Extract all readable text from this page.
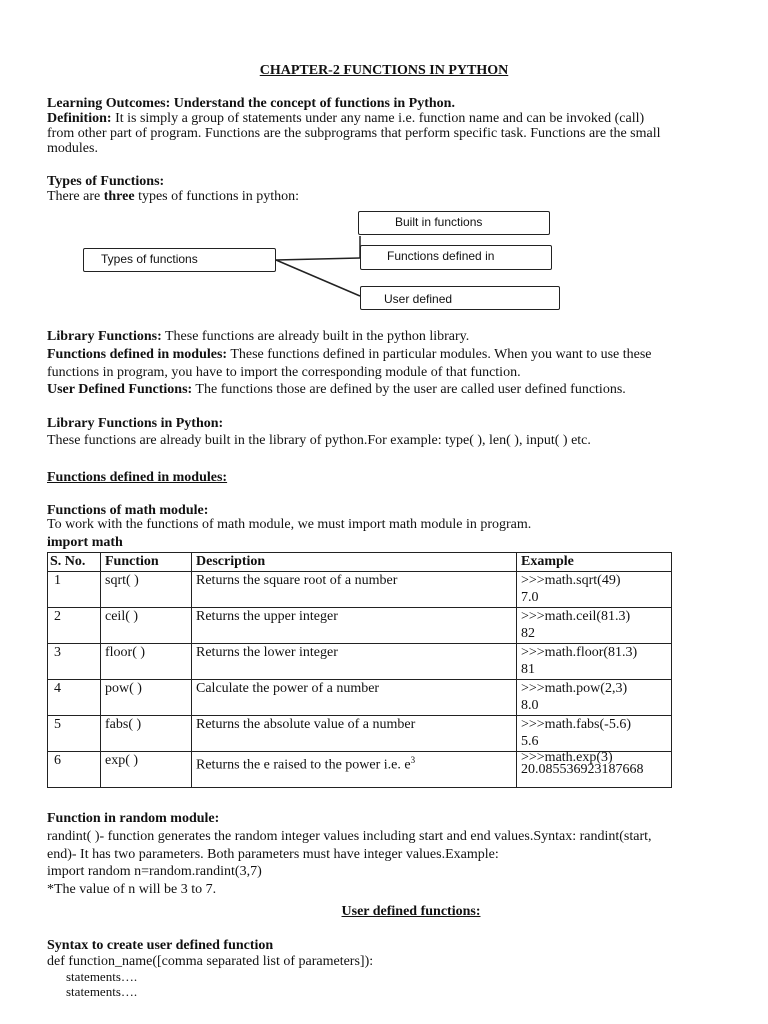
CHAPTER-2 FUNCTIONS IN PYTHON
Learning Outcomes: Understand the concept of functions in Python.
Definition: It is simply a group of statements under any name i.e. function name and can be invoked (call)
from other part of program. Functions are the subprograms that perform specific task. Functions are the small
modules.
Types of Functions:
There are three types of functions in python:
Types of functions
Built in functions
Functions defined in
User defined
Library Functions: These functions are already built in the python library.
Functions defined in modules: These functions defined in particular modules. When you want to use these
functions in program, you have to import the corresponding module of that function.
User Defined Functions: The functions those are defined by the user are called user defined functions.
Library Functions in Python:
These functions are already built in the library of python.For example: type( ), len( ), input( ) etc.
Functions defined in modules:
Functions of math module:
To work with the functions of math module, we must import math module in program.
import math
S. No.	Function	Description	Example
1	sqrt( )	Returns the square root of a number	>>>math.sqrt(49)
7.0

2	ceil( )	Returns the upper integer	>>>math.ceil(81.3)
82

3	floor( )	Returns the lower integer	>>>math.floor(81.3)
81

4	pow( )	Calculate the power of a number	>>>math.pow(2,3)
8.0

5	fabs( )	Returns the absolute value of a number	>>>math.fabs(-5.6)
5.6

6	exp( )	Returns the e raised to the power i.e. $e^3$	>>>math.exp(3)
20.085536923187668
Function in random module:
randint( )- function generates the random integer values including start and end values.Syntax: randint(start,
end)- It has two parameters. Both parameters must have integer values.Example:
import random n=random.randint(3,7)
*The value of n will be 3 to 7.
User defined functions:
Syntax to create user defined function
def function_name([comma separated list of parameters]):
statements….
statements….
